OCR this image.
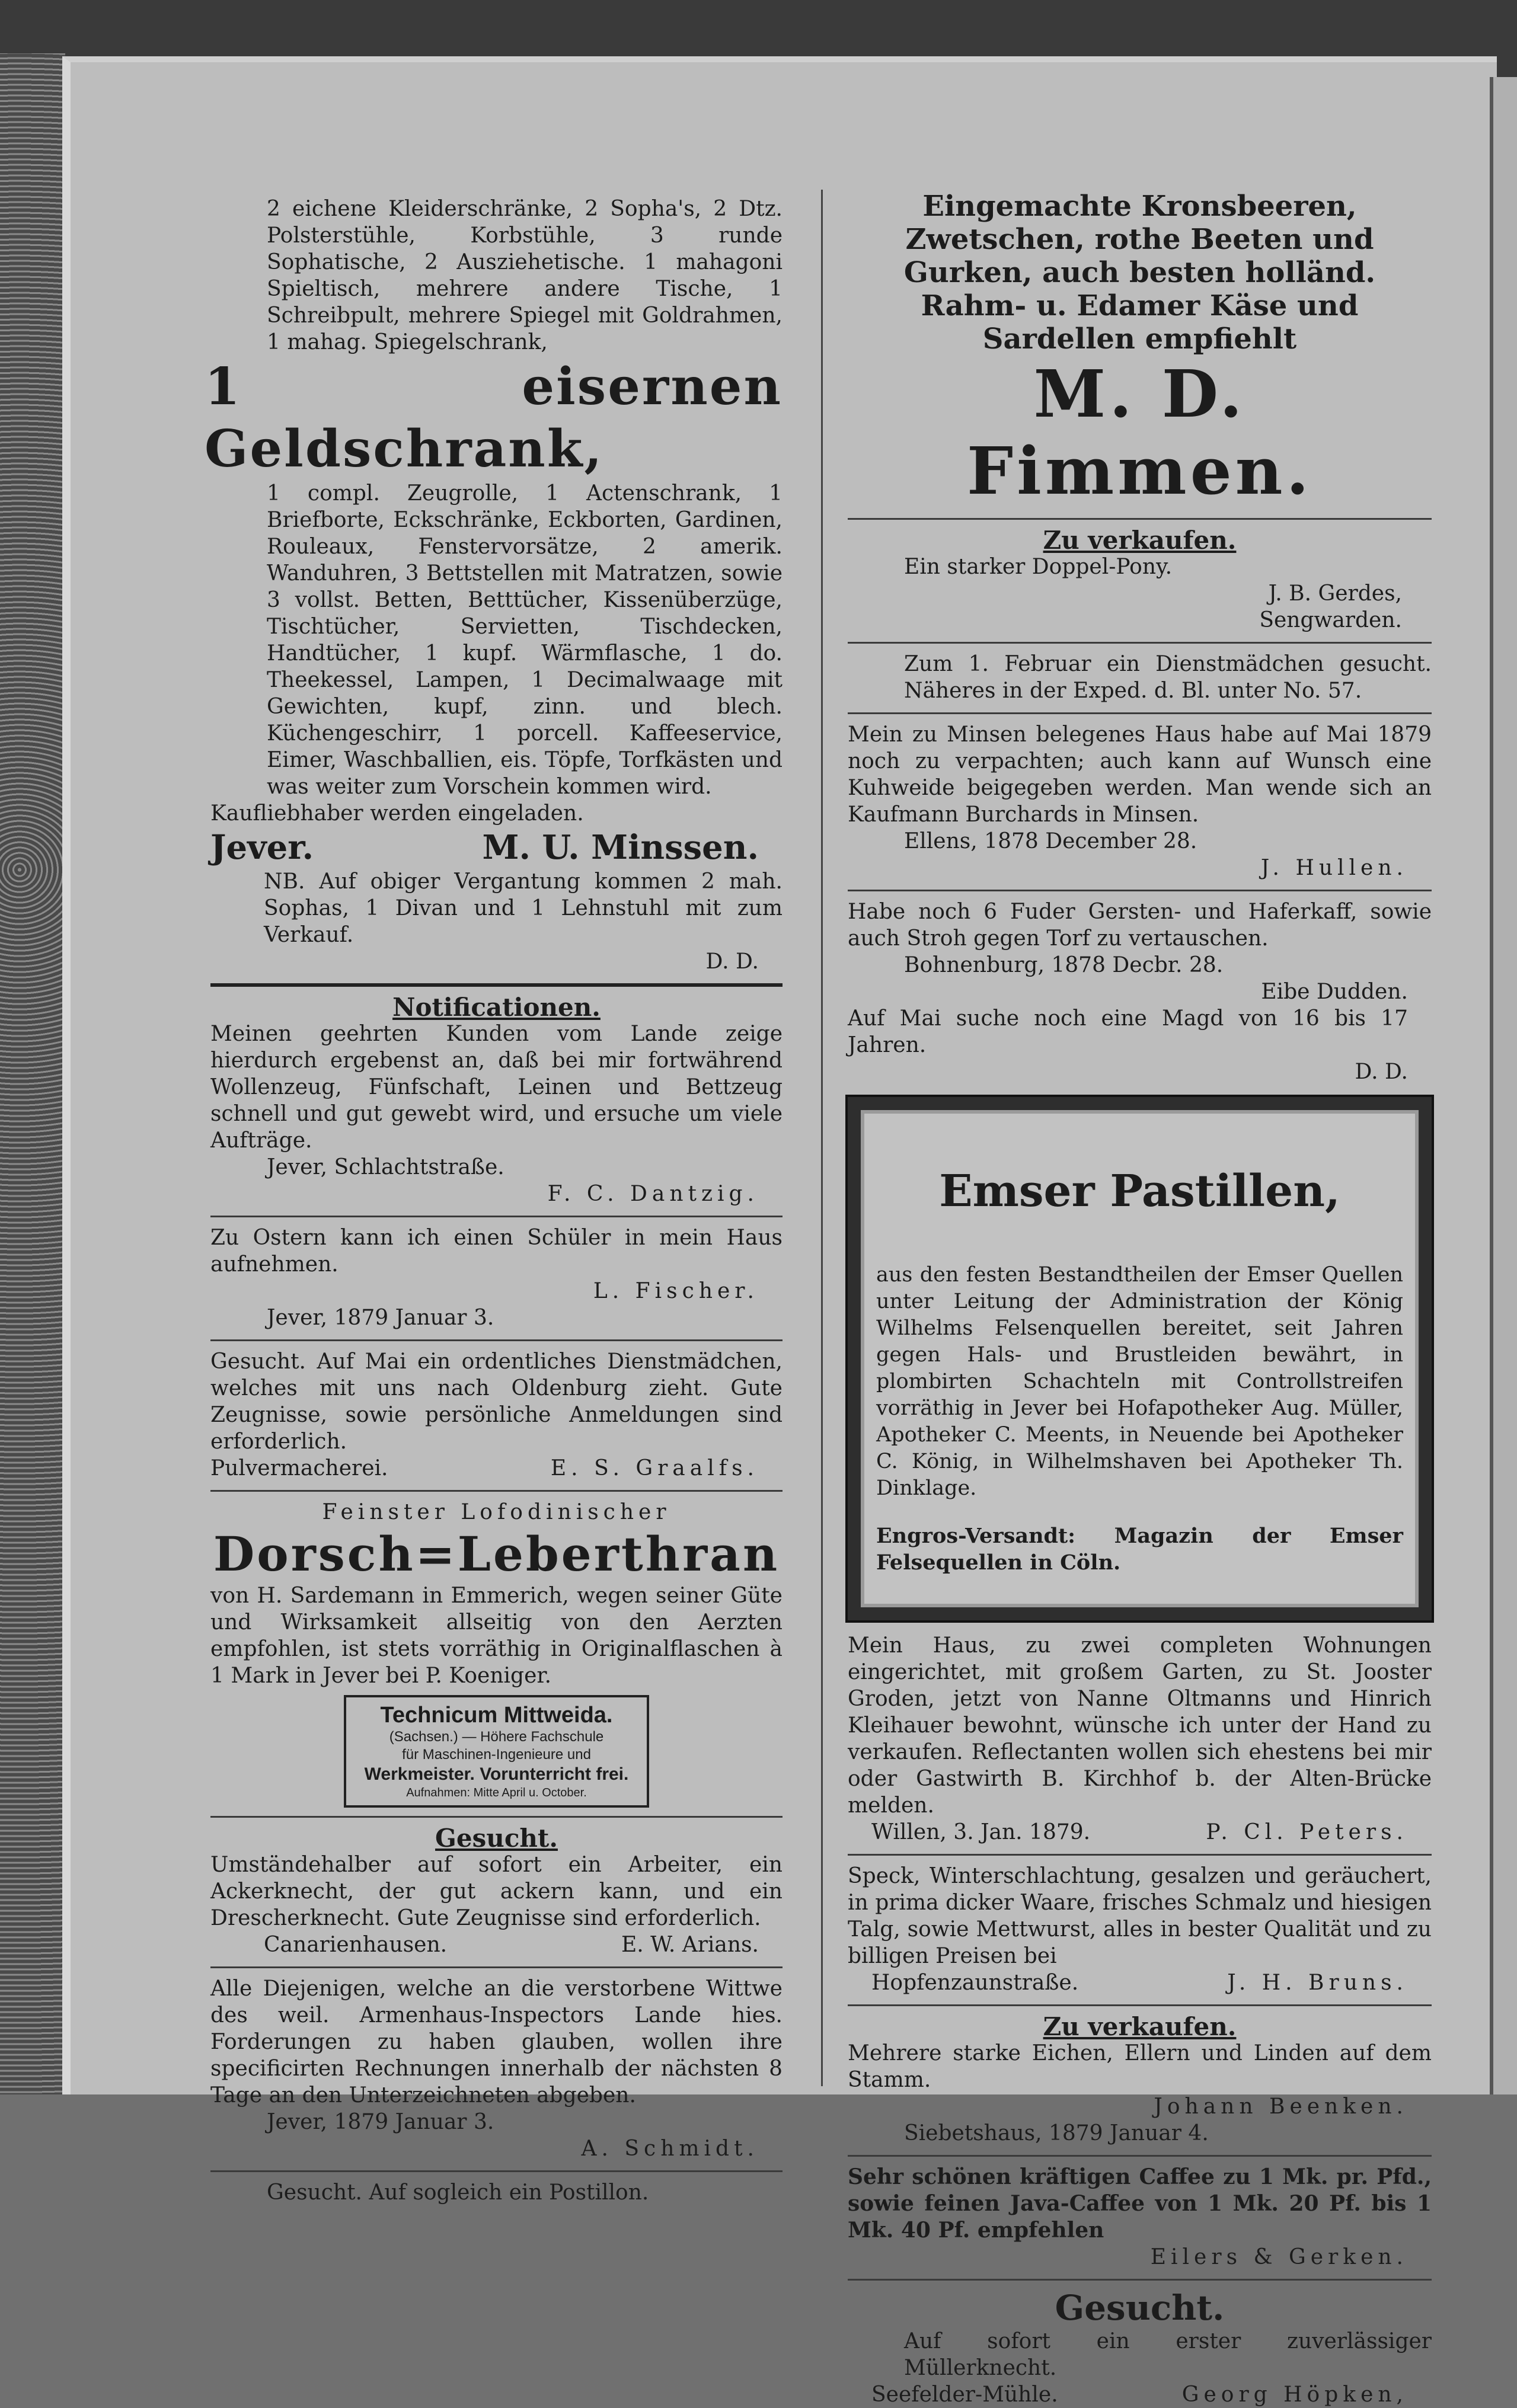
2 eichene Kleiderschränke, 2 Sopha's, 2 Dtz. Polsterstühle, Korbstühle, 3 runde Sophatische, 2 Auszieh​etische. 1 mahagoni Spieltisch, mehrere andere Tische, 1 Schreibpult, mehrere Spiegel mit Goldrahmen, 1 mahag. Spiegelschrank,

1 eisernen Geldschrank,

1 compl. Zeugrolle, 1 Actenschrank, 1 Briefborte, Eckschränke, Eckborten, Gardinen, Rouleaux, Fenstervorsätze, 2 amerik. Wanduhren, 3 Bettstellen mit Matratzen, sowie 3 vollst. Betten, Betttücher, Kissenüberzüge, Tischtücher, Servietten, Tischdecken, Handtücher, 1 kupf. Wärmflasche, 1 do. Theekessel, Lampen, 1 Decimalwaage mit Gewichten, kupf, zinn. und blech. Küchengeschirr, 1 porcell. Kaffeeservice, Eimer, Waschballien, eis. Töpfe, Torfkästen und was weiter zum Vorschein kommen wird.

Kaufliebhaber werden eingeladen.

Jever.	M. U. Minssen.

NB. Auf obiger Vergantung kommen 2 mah. Sophas, 1 Divan und 1 Lehnstuhl mit zum Verkauf.

D. D.

Notificationen.

Meinen geehrten Kunden vom Lande zeige hierdurch ergebenst an, daß bei mir fortwährend Wollenzeug, Fünfschaft, Leinen und Bettzeug schnell und gut gewebt wird, und ersuche um viele Aufträge.

Jever, Schlachtstraße.

F. C. Dantzig.

Zu Ostern kann ich einen Schüler in mein Haus aufnehmen.

L. Fischer.

Jever, 1879 Januar 3.

Gesucht. Auf Mai ein ordentliches Dienstmädchen, welches mit uns nach Oldenburg zieht. Gute Zeugnisse, sowie persönliche Anmeldungen sind erforderlich.

Pulvermacherei.	E. S. Graalfs.

Feinster Lofodinischer

Dorsch=Leberthran

von H. Sardemann in Emmerich, wegen seiner Güte und Wirksamkeit allseitig von den Aerzten empfohlen, ist stets vorräthig in Originalflaschen à 1 Mark in Jever bei P. Koeniger.

Technicum Mittweida.
(Sachsen.) — Höhere Fachschule
für Maschinen-Ingenieure und
Werkmeister. Vorunterricht frei.
Aufnahmen: Mitte April u. October.

Gesucht.

Umständehalber auf sofort ein Arbeiter, ein Ackerknecht, der gut ackern kann, und ein Drescherknecht. Gute Zeugnisse sind erforderlich.

Canarienhausen.	E. W. Arians.

Alle Diejenigen, welche an die verstorbene Wittwe des weil. Armenhaus-Inspectors Lande hies. Forderungen zu haben glauben, wollen ihre specificirten Rechnungen innerhalb der nächsten 8 Tage an den Unterzeichneten abgeben.

Jever, 1879 Januar 3.

A. Schmidt.

Gesucht. Auf sogleich ein Postillon.

Eingemachte Kronsbeeren, Zwetschen, rothe Beeten und Gurken, auch besten holländ. Rahm- u. Edamer Käse und Sardellen empfiehlt

M. D. Fimmen.

Zu verkaufen.

Ein starker Doppel-Pony.

J. B. Gerdes,

Sengwarden.

Zum 1. Februar ein Dienstmädchen gesucht. Näheres in der Exped. d. Bl. unter No. 57.

Mein zu Minsen belegenes Haus habe auf Mai 1879 noch zu verpachten; auch kann auf Wunsch eine Kuhweide beigegeben werden. Man wende sich an Kaufmann Burchards in Minsen.

Ellens, 1878 December 28.

J. Hullen.

Habe noch 6 Fuder Gersten- und Haferkaff, sowie auch Stroh gegen Torf zu vertauschen.

Bohnenburg, 1878 Decbr. 28.

Eibe Dudden.

Auf Mai suche noch eine Magd von 16 bis 17 Jahren.

D. D.

Emser Pastillen,

aus den festen Bestandtheilen der Emser Quellen unter Leitung der Administration der König Wilhelms Felsenquellen bereitet, seit Jahren gegen Hals- und Brustleiden bewährt, in plombirten Schachteln mit Controllstreifen vorräthig in Jever bei Hofapotheker Aug. Müller, Apotheker C. Meents, in Neuende bei Apotheker C. König, in Wilhelmshaven bei Apotheker Th. Dinklage.

Engros-Versandt: Magazin der Emser Felsequellen in Cöln.

Mein Haus, zu zwei completen Wohnungen eingerichtet, mit großem Garten, zu St. Jooster Groden, jetzt von Nanne Oltmanns und Hinrich Kleihauer bewohnt, wünsche ich unter der Hand zu verkaufen. Reflectanten wollen sich ehestens bei mir oder Gastwirth B. Kirchhof b. der Alten-Brücke melden.

Willen, 3. Jan. 1879.	P. Cl. Peters.

Speck, Winterschlachtung, gesalzen und geräuchert, in prima dicker Waare, frisches Schmalz und hiesigen Talg, sowie Mettwurst, alles in bester Qualität und zu billigen Preisen bei

Hopfenzaunstraße.	J. H. Bruns.

Zu verkaufen.

Mehrere starke Eichen, Ellern und Linden auf dem Stamm.

Johann Beenken.

Siebetshaus, 1879 Januar 4.

Sehr schönen kräftigen Caffee zu 1 Mk. pr. Pfd., sowie feinen Java-Caffee von 1 Mk. 20 Pf. bis 1 Mk. 40 Pf. empfehlen

Eilers & Gerken.

Gesucht.

Auf sofort ein erster zuverlässiger Müllerknecht.

Seefelder-Mühle.	Georg Höpken,
